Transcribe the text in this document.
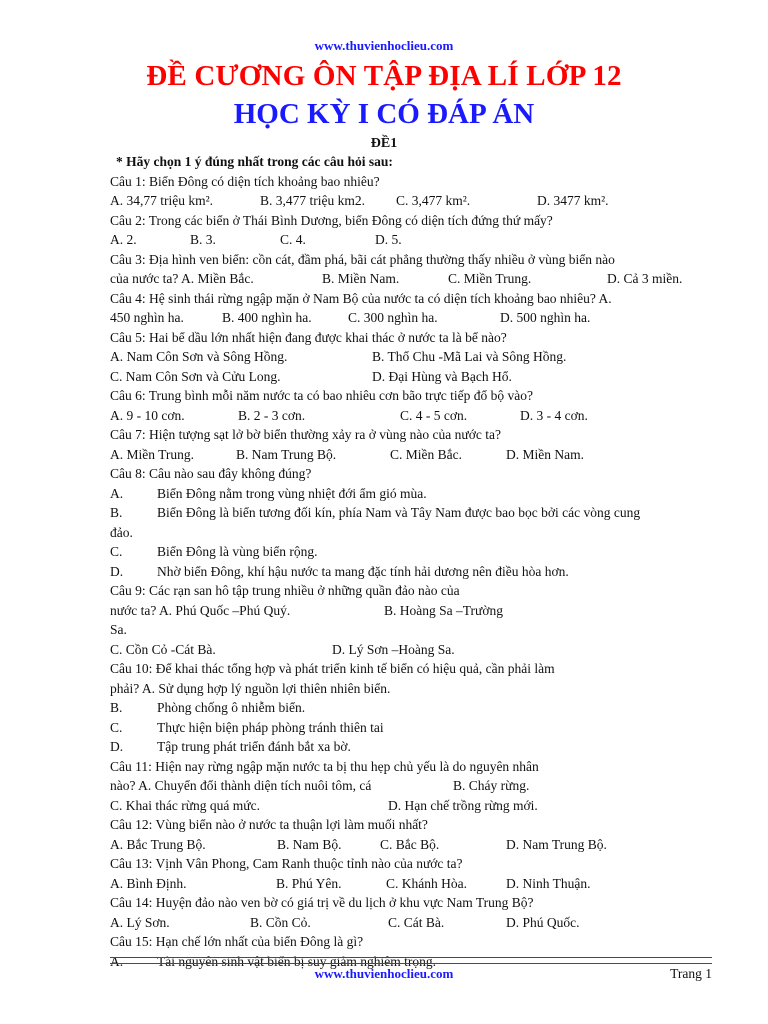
www.thuvienhoclieu.com
ĐỀ CƯƠNG ÔN TẬP ĐỊA LÍ LỚP 12
HỌC KỲ I CÓ ĐÁP ÁN
ĐỀ1
* Hãy chọn 1 ý đúng nhất trong các câu hỏi sau:
Câu 1: Biển Đông có diện tích khoảng bao nhiêu?
A. 34,77 triệu km².	B. 3,477 triệu km2. C. 3,477 km².	D. 3477 km².
Câu 2: Trong các biển ở Thái Bình Dương, biển Đông có diện tích đứng thứ mấy?
A. 2.	B. 3.	C. 4.	D. 5.
Câu 3: Địa hình ven biển: cồn cát, đầm phá, bãi cát phẳng thường thấy nhiều ở vùng biển nào
của nước ta? A. Miền Bắc.	B. Miền Nam.	C. Miền Trung.	D. Cả 3 miền.
Câu 4: Hệ sinh thái rừng ngập mặn ở Nam Bộ của nước ta có diện tích khoảng bao nhiêu? A.
450 nghìn ha.	B. 400 nghìn ha.	C. 300 nghìn ha.	D. 500 nghìn ha.
Câu 5: Hai bể dầu lớn nhất hiện đang được khai thác ở nước ta là bể nào?
A. Nam Côn Sơn và Sông Hồng.	B. Thổ Chu -Mã Lai và Sông Hồng.
C. Nam Côn Sơn và Cửu Long.	D. Đại Hùng và Bạch Hổ.
Câu 6: Trung bình mỗi năm nước ta có bao nhiêu cơn bão trực tiếp đổ bộ vào?
A. 9 - 10 cơn.	B. 2 - 3 cơn.	C. 4 - 5 cơn.	D. 3 - 4 cơn.
Câu 7: Hiện tượng sạt lở bờ biển thường xảy ra ở vùng nào của nước ta?
A. Miền Trung.	B. Nam Trung Bộ.	C. Miền Bắc.	D. Miền Nam.
Câu 8: Câu nào sau đây không đúng?
A.	Biển Đông nằm trong vùng nhiệt đới ẩm gió mùa.
B.	Biển Đông là biển tương đối kín, phía Nam và Tây Nam được bao bọc bởi các vòng cung
đảo.
C.	Biển Đông là vùng biển rộng.
D.	Nhờ biển Đông, khí hậu nước ta mang đặc tính hải dương nên điều hòa hơn.
Câu 9: Các rạn san hô tập trung nhiều ở những quần đảo nào của
nước ta? A. Phú Quốc –Phú Quý.	B. Hoàng Sa –Trường
Sa.
C. Cồn Cỏ -Cát Bà.	D. Lý Sơn –Hoàng Sa.
Câu 10: Để khai thác tổng hợp và phát triển kinh tế biển có hiệu quả, cần phải làm
phải? A. Sử dụng hợp lý nguồn lợi thiên nhiên biển.
B.	Phòng chống ô nhiễm biển.
C.	Thực hiện biện pháp phòng tránh thiên tai
D.	Tập trung phát triển đánh bắt xa bờ.
Câu 11: Hiện nay rừng ngập mặn nước ta bị thu hẹp chủ yếu là do nguyên nhân
nào? A. Chuyển đổi thành diện tích nuôi tôm, cá	B. Cháy rừng.
C. Khai thác rừng quá mức.	D. Hạn chế trồng rừng mới.
Câu 12: Vùng biển nào ở nước ta thuận lợi làm muối nhất?
A. Bắc Trung Bộ.	B. Nam Bộ.	C. Bắc Bộ.	D. Nam Trung Bộ.
Câu 13: Vịnh Vân Phong, Cam Ranh thuộc tỉnh nào của nước ta?
A. Bình Định.	B. Phú Yên.	C. Khánh Hòa.	D. Ninh Thuận.
Câu 14: Huyện đảo nào ven bờ có giá trị về du lịch ở khu vực Nam Trung Bộ?
A. Lý Sơn.	B. Cồn Cỏ.	C. Cát Bà.	D. Phú Quốc.
Câu 15: Hạn chế lớn nhất của biển Đông là gì?
A.	Tài nguyên sinh vật biển bị suy giảm nghiêm trọng.
www.thuvienhoclieu.com	Trang 1
